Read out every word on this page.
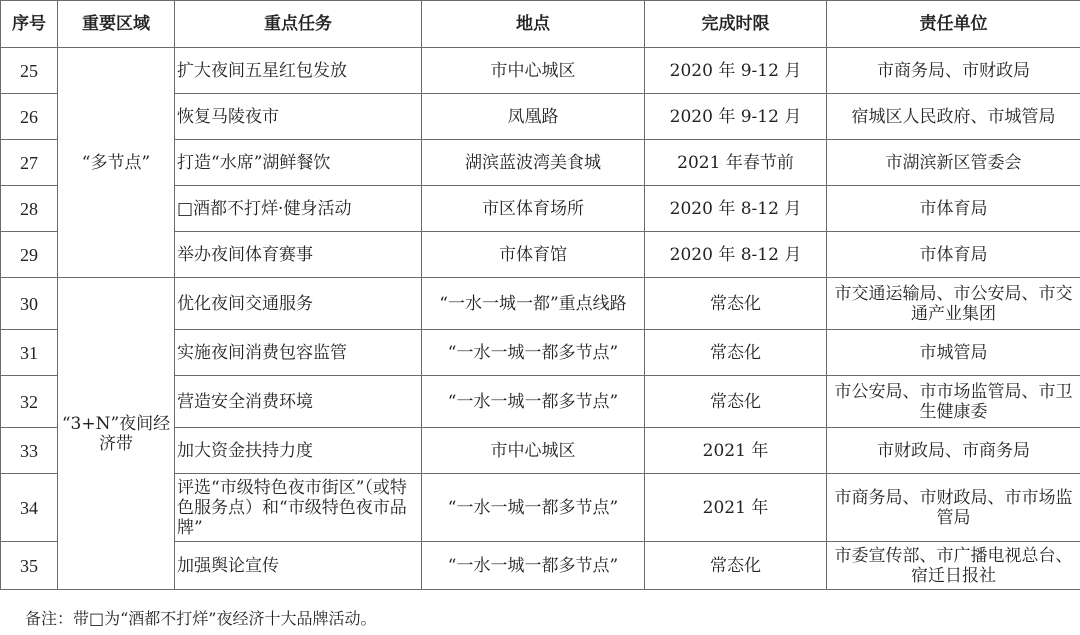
序号	重要区域	重点任务	地点	完成时限	责任单位
25	“多节点”	扩大夜间五星红包发放	市中心城区	2020 年 9-12 月	市商务局、市财政局
26		恢复马陵夜市	凤凰路	2020 年 9-12 月	宿城区人民政府、市城管局
27		打造“水席”湖鲜餐饮	湖滨蓝波湾美食城	2021 年春节前	市湖滨新区管委会
28		□酒都不打烊·健身活动	市区体育场所	2020 年 8-12 月	市体育局
29		举办夜间体育赛事	市体育馆	2020 年 8-12 月	市体育局
30	“3+N”夜间经济带	优化夜间交通服务	“一水一城一都”重点线路	常态化	市交通运输局、市公安局、市交通产业集团
31		实施夜间消费包容监管	“一水一城一都多节点”	常态化	市城管局
32		营造安全消费环境	“一水一城一都多节点”	常态化	市公安局、市市场监管局、市卫生健康委
33		加大资金扶持力度	市中心城区	2021 年	市财政局、市商务局
34		评选“市级特色夜市街区”（或特色服务点）和“市级特色夜市品牌”	“一水一城一都多节点”	2021 年	市商务局、市财政局、市市场监管局
35		加强舆论宣传	“一水一城一都多节点”	常态化	市委宣传部、市广播电视总台、宿迁日报社
备注：带□为“酒都不打烊”夜经济十大品牌活动。
